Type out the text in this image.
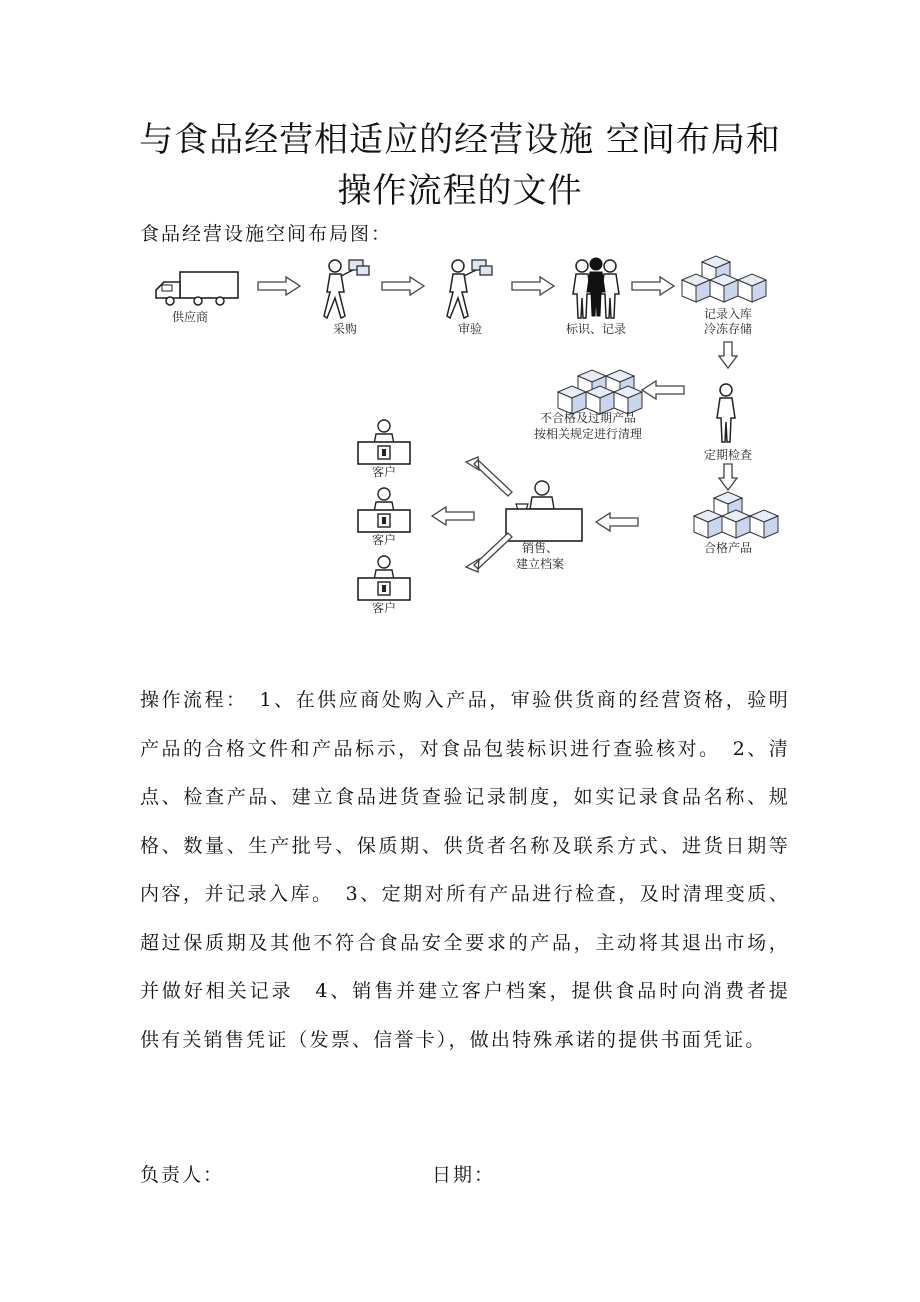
与食品经营相适应的经营设施 空间布局和
操作流程的文件
食品经营设施空间布局图：
供应商
采购	审验	标识、记录
记录入库
冷冻存储
定期检查
不合格及过期产品
按相关规定进行清理
合格产品
销售、
建立档案
客户
客户
客户

操作流程：　1、在供应商处购入产品，审验供货商的经营资格，验明产品的合格文件和产品标示，对食品包装标识进行查验核对。　2、清点、检查产品、建立食品进货查验记录制度，如实记录食品名称、规格、数量、生产批号、保质期、供货者名称及联系方式、进货日期等内容，并记录入库。　3、定期对所有产品进行检查，及时清理变质、超过保质期及其他不符合食品安全要求的产品，主动将其退出市场，并做好相关记录　4、销售并建立客户档案，提供食品时向消费者提供有关销售凭证（发票、信誉卡），做出特殊承诺的提供书面凭证。

负责人：	日期：
